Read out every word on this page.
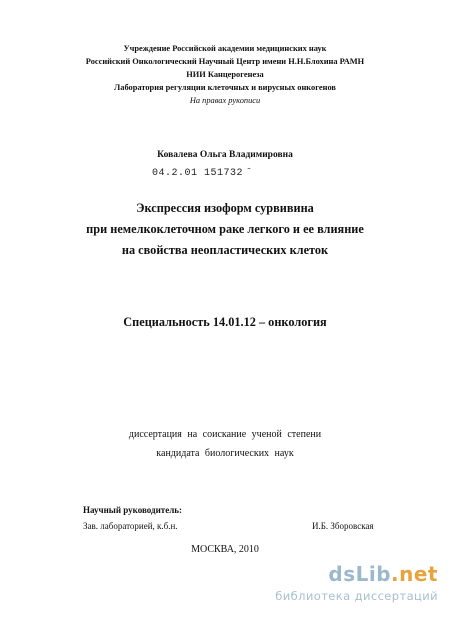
Учреждение Российской академии медицинских наук
Российский Онкологический Научный Центр имени Н.Н.Блохина РАМН
НИИ Канцерогенеза
Лаборатория регуляции клеточных и вирусных онкогенов
На правах рукописи
Ковалева Ольга Владимировна
04.2.01 151732 ̄
Экспрессия изоформ сурвивина
при немелкоклеточном раке легкого и ее влияние
на свойства неопластических клеток
Специальность 14.01.12 – онкология
диссертация на соискание ученой степени
кандидата биологических наук
Научный руководитель:
Зав. лабораторией, к.б.н.	И.Б. Зборовская
МОСКВА, 2010
dsLib.net
библиотека диссертаций
